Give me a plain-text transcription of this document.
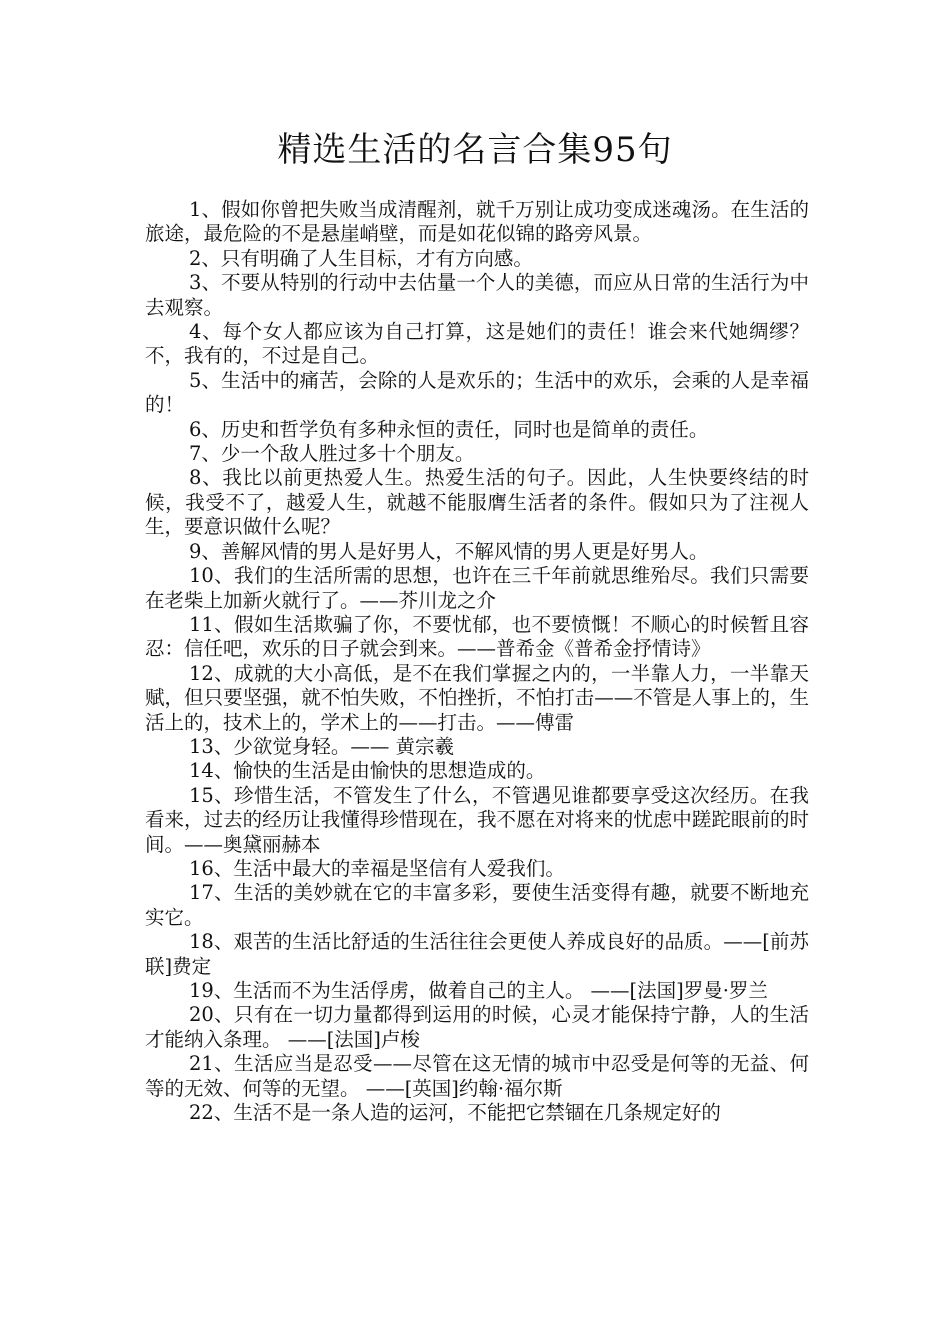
精选生活的名言合集95句

1、假如你曾把失败当成清醒剂，就千万别让成功变成迷魂汤。在生活的旅途，最危险的不是悬崖峭壁，而是如花似锦的路旁风景。

2、只有明确了人生目标，才有方向感。

3、不要从特别的行动中去估量一个人的美德，而应从日常的生活行为中去观察。

4、每个女人都应该为自己打算，这是她们的责任！谁会来代她绸缪？不，我有的，不过是自己。

5、生活中的痛苦，会除的人是欢乐的；生活中的欢乐，会乘的人是幸福的！

6、历史和哲学负有多种永恒的责任，同时也是简单的责任。

7、少一个敌人胜过多十个朋友。

8、我比以前更热爱人生。热爱生活的句子。因此，人生快要终结的时候，我受不了，越爱人生，就越不能服膺生活者的条件。假如只为了注视人生，要意识做什么呢？

9、善解风情的男人是好男人，不解风情的男人更是好男人。

10、我们的生活所需的思想，也许在三千年前就思维殆尽。我们只需要在老柴上加新火就行了。——芥川龙之介

11、假如生活欺骗了你，不要忧郁，也不要愤慨！不顺心的时候暂且容忍：信任吧，欢乐的日子就会到来。——普希金《普希金抒情诗》

12、成就的大小高低，是不在我们掌握之内的，一半靠人力，一半靠天赋，但只要坚强，就不怕失败，不怕挫折，不怕打击——不管是人事上的，生活上的，技术上的，学术上的——打击。——傅雷

13、少欲觉身轻。—— 黄宗羲

14、愉快的生活是由愉快的思想造成的。

15、珍惜生活，不管发生了什么，不管遇见谁都要享受这次经历。在我看来，过去的经历让我懂得珍惜现在，我不愿在对将来的忧虑中蹉跎眼前的时间。——奥黛丽赫本

16、生活中最大的幸福是坚信有人爱我们。

17、生活的美妙就在它的丰富多彩，要使生活变得有趣，就要不断地充实它。

18、艰苦的生活比舒适的生活往往会更使人养成良好的品质。——[前苏联]费定

19、生活而不为生活俘虏，做着自己的主人。 ——[法国]罗曼·罗兰

20、只有在一切力量都得到运用的时候，心灵才能保持宁静，人的生活才能纳入条理。 ——[法国]卢梭

21、生活应当是忍受——尽管在这无情的城市中忍受是何等的无益、何等的无效、何等的无望。 ——[英国]约翰·福尔斯

22、生活不是一条人造的运河，不能把它禁锢在几条规定好的
